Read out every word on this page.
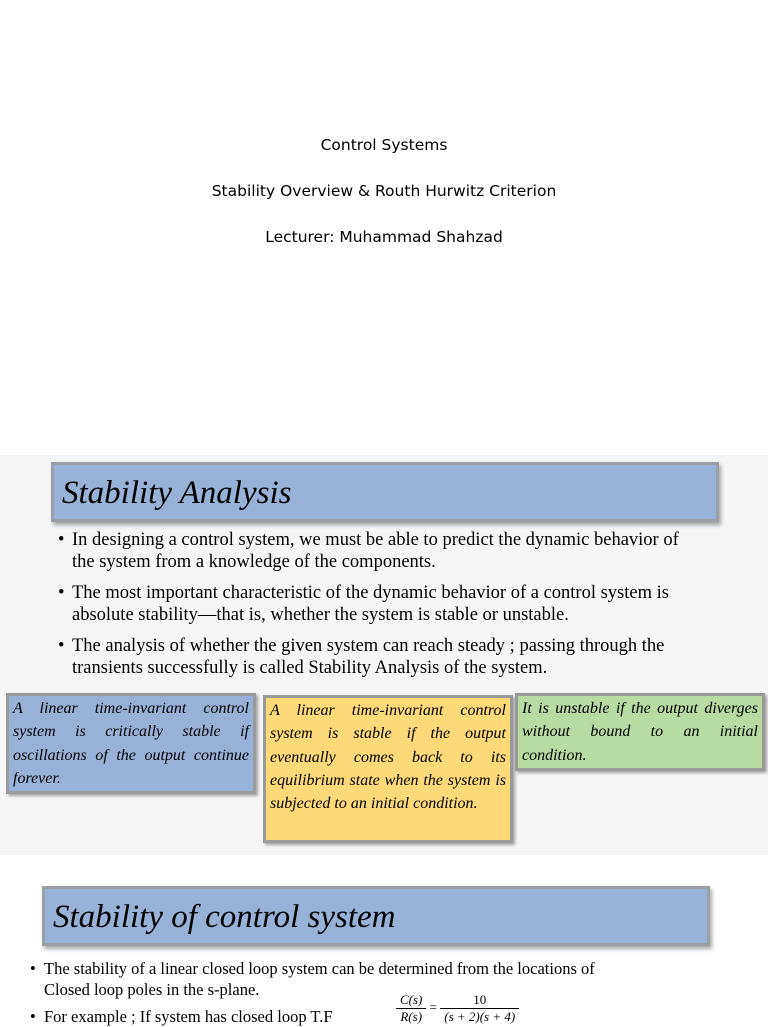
Control Systems
Stability Overview & Routh Hurwitz Criterion
Lecturer: Muhammad Shahzad
Stability Analysis
• In designing a control system, we must be able to predict the dynamic behavior of
the system from a knowledge of the components.
• The most important characteristic of the dynamic behavior of a control system is
absolute stability—that is, whether the system is stable or unstable.
• The analysis of whether the given system can reach steady ; passing through the
transients successfully is called Stability Analysis of the system.
A linear time-invariant control system is critically stable if oscillations of the output continue forever.
A linear time-invariant control system is stable if the output eventually comes back to its equilibrium state when the system is subjected to an initial condition.
It is unstable if the output diverges without bound to an initial condition.
Stability of control system
• The stability of a linear closed loop system can be determined from the locations of
Closed loop poles in the s-plane.
• For example ; If system has closed loop T.F	$\frac{C(s)}{R(s)} = \frac{10}{(s + 2)(s + 4)}$
